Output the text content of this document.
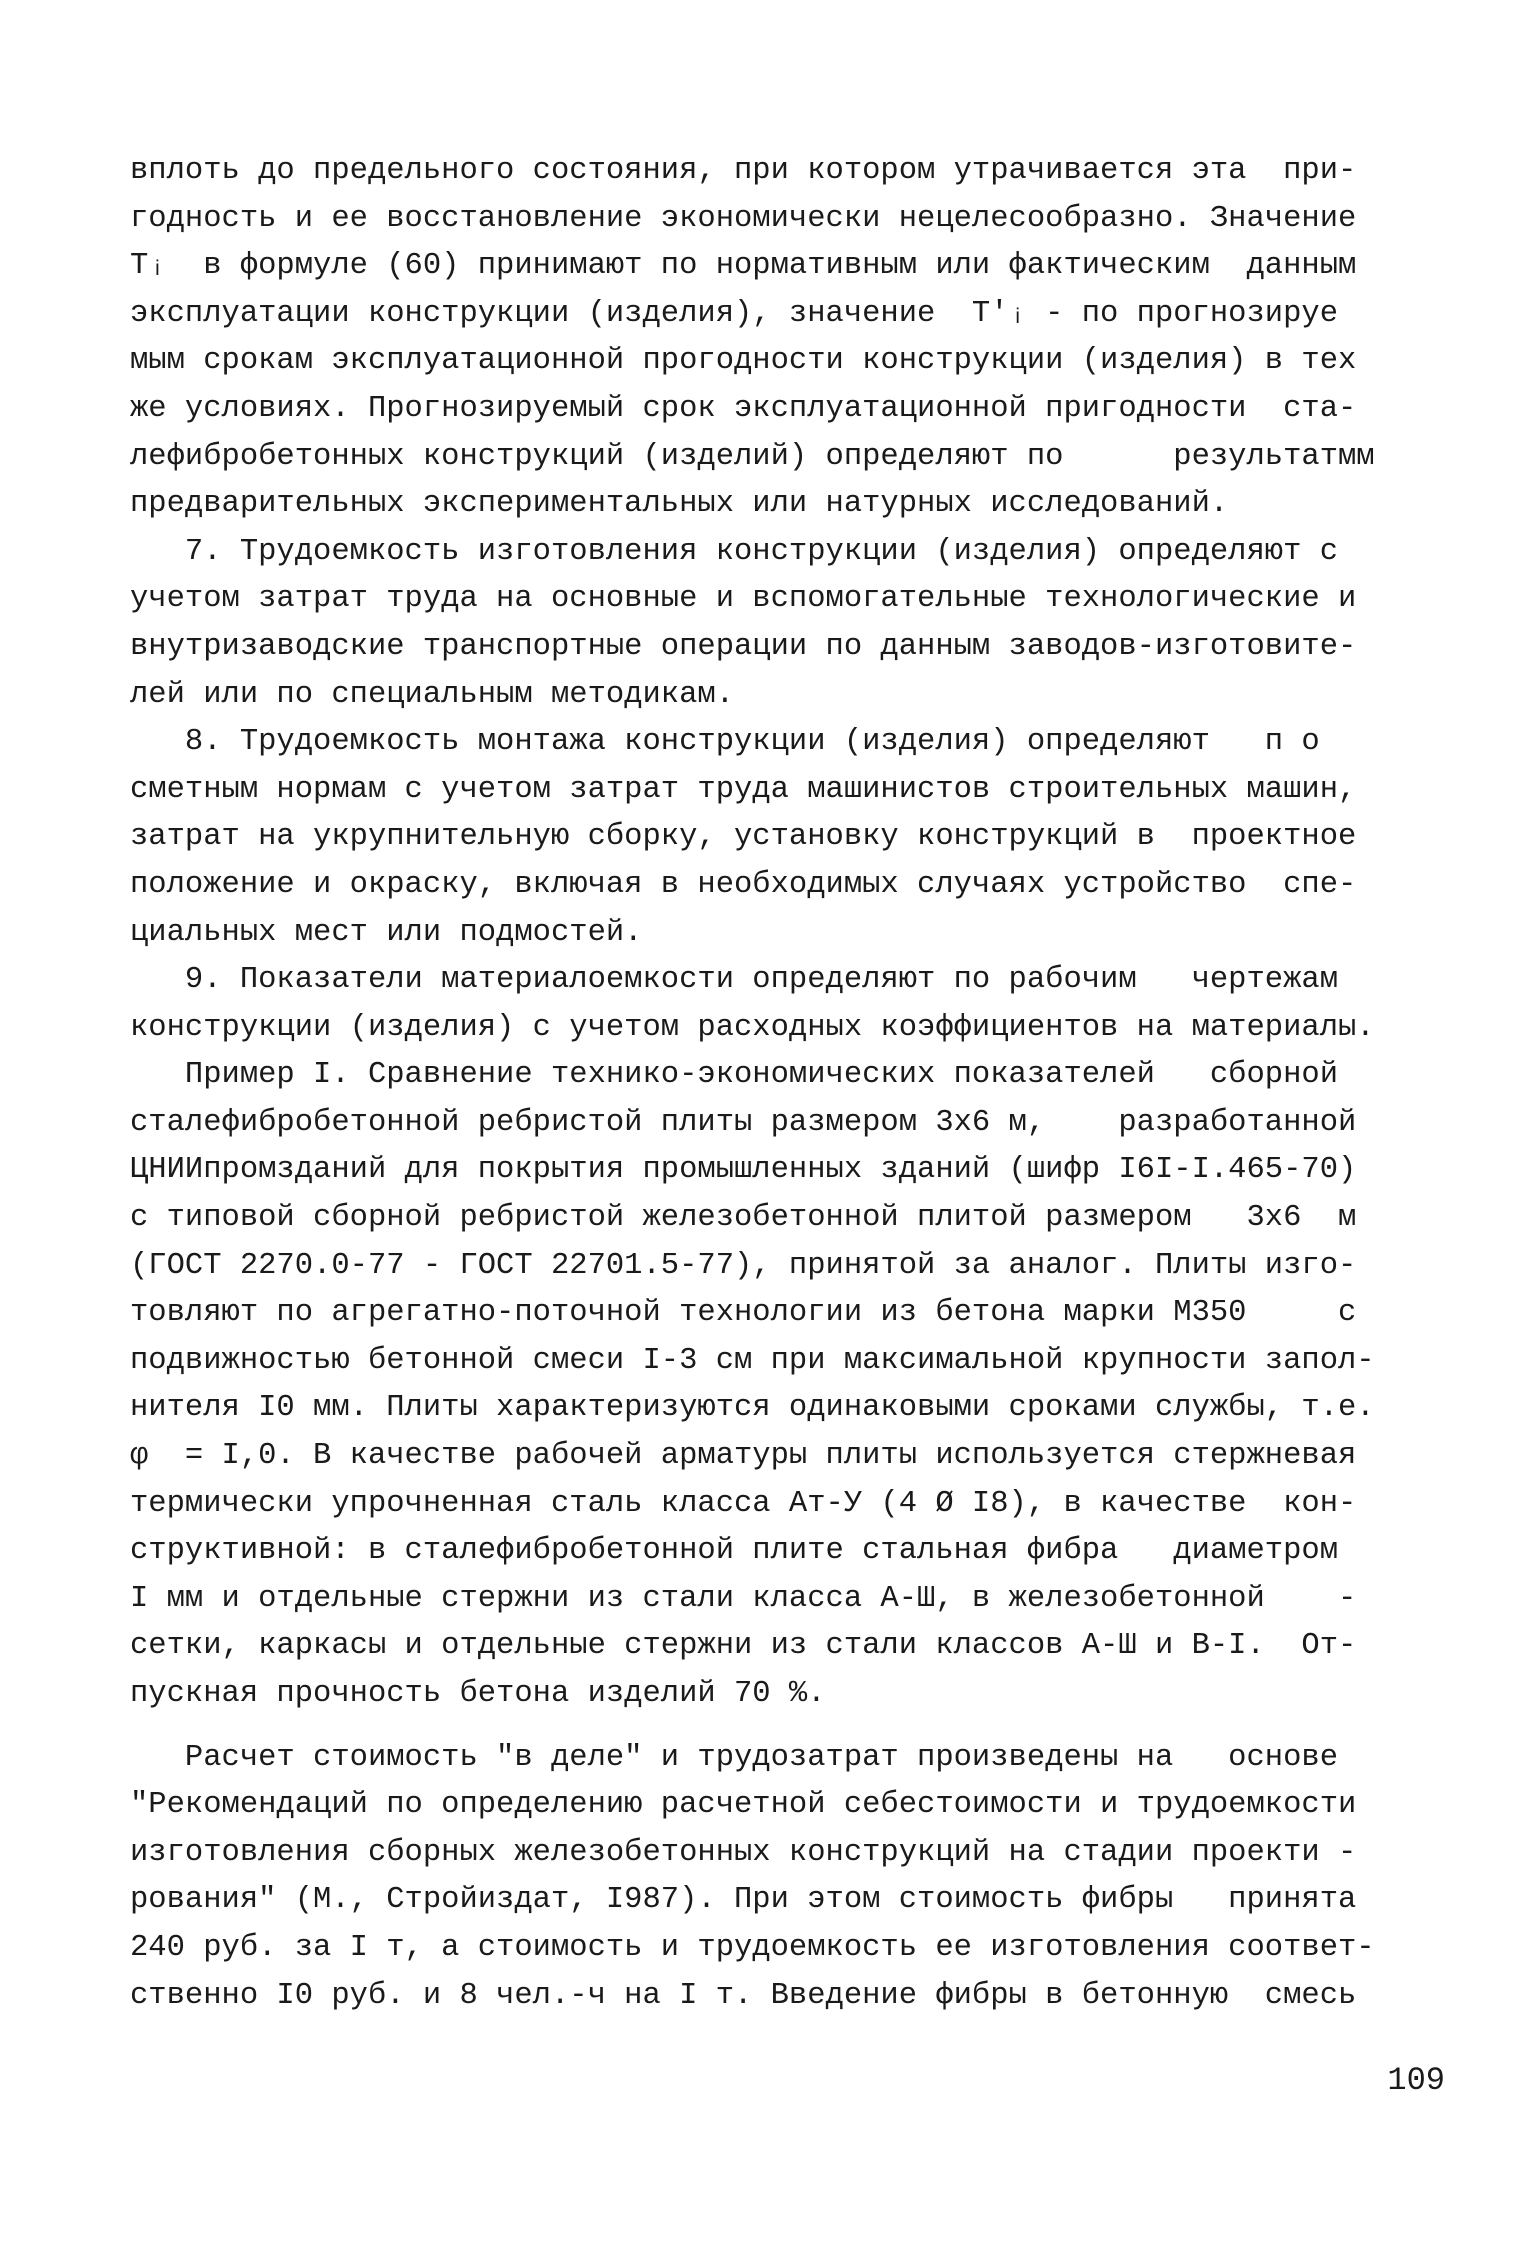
вплоть до предельного состояния, при котором утрачивается эта  при-
годность и ее восстановление экономически нецелесообразно. Значение
Tᵢ  в формуле (60) принимают по нормативным или фактическим  данным
эксплуатации конструкции (изделия), значение  T′ᵢ - по прогнозируе
мым срокам эксплуатационной прогодности конструкции (изделия) в тех
же условиях. Прогнозируемый срок эксплуатационной пригодности  ста-
лефибробетонных конструкций (изделий) определяют по      результатмм
предварительных экспериментальных или натурных исследований.
7. Трудоемкость изготовления конструкции (изделия) определяют с
учетом затрат труда на основные и вспомогательные технологические и
внутризаводские транспортные операции по данным заводов-изготовите-
лей или по специальным методикам.
8. Трудоемкость монтажа конструкции (изделия) определяют   п о
сметным нормам с учетом затрат труда машинистов строительных машин,
затрат на укрупнительную сборку, установку конструкций в  проектное
положение и окраску, включая в необходимых случаях устройство  спе-
циальных мест или подмостей.
9. Показатели материалоемкости определяют по рабочим   чертежам
конструкции (изделия) с учетом расходных коэффициентов на материалы.
Пример I. Сравнение технико-экономических показателей   сборной
сталефибробетонной ребристой плиты размером 3х6 м,    разработанной
ЦНИИпромзданий для покрытия промышленных зданий (шифр I6I-I.465-70)
с типовой сборной ребристой железобетонной плитой размером   3х6  м
(ГОСТ 2270.0-77 - ГОСТ 22701.5-77), принятой за аналог. Плиты изго-
товляют по агрегатно-поточной технологии из бетона марки М350     с
подвижностью бетонной смеси I-3 см при максимальной крупности запол-
нителя I0 мм. Плиты характеризуются одинаковыми сроками службы, т.е.
φ  = I,0. В качестве рабочей арматуры плиты используется стержневая
термически упрочненная сталь класса Ат-У (4 Ø I8), в качестве  кон-
структивной: в сталефибробетонной плите стальная фибра   диаметром
I мм и отдельные стержни из стали класса А-Ш, в железобетонной    -
сетки, каркасы и отдельные стержни из стали классов А-Ш и В-I.  От-
пускная прочность бетона изделий 70 %.
Расчет стоимость "в деле" и трудозатрат произведены на   основе
"Рекомендаций по определению расчетной себестоимости и трудоемкости
изготовления сборных железобетонных конструкций на стадии проекти -
рования" (М., Стройиздат, I987). При этом стоимость фибры   принята
240 руб. за I т, а стоимость и трудоемкость ее изготовления соответ-
ственно I0 руб. и 8 чел.-ч на I т. Введение фибры в бетонную  смесь
109
